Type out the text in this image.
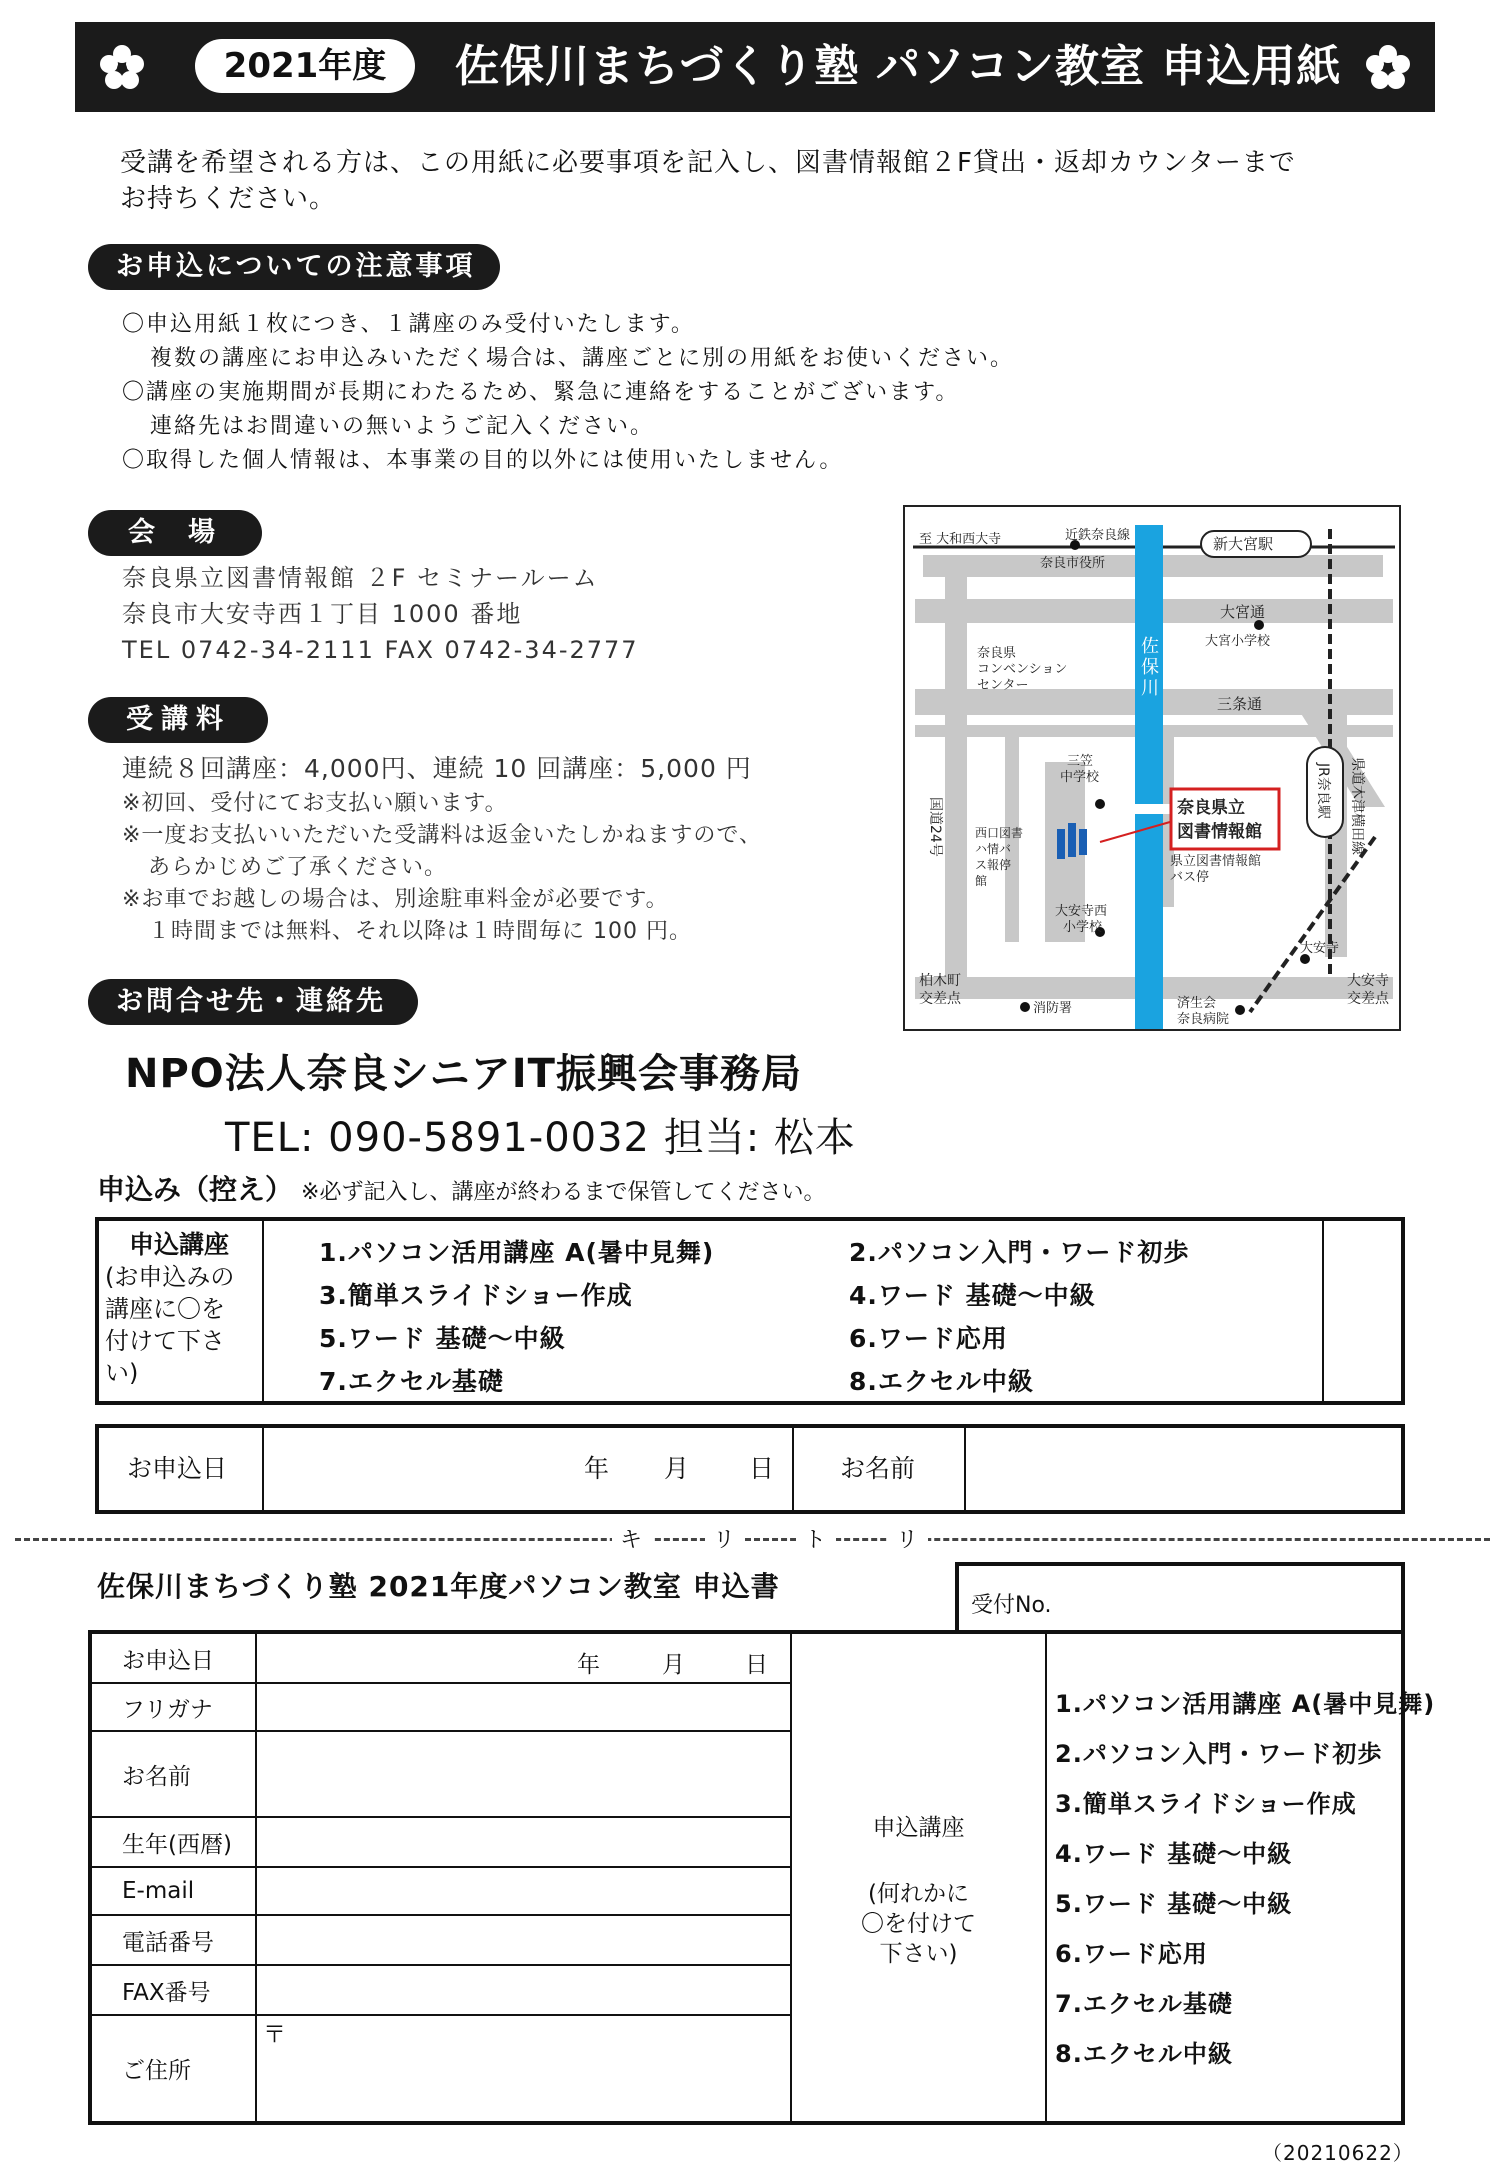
2021年度	佐保川まちづくり塾 パソコン教室 申込用紙
受講を希望される方は、この用紙に必要事項を記入し、図書情報館２F貸出・返却カウンターまで
お持ちください。
お申込についての注意事項
〇申込用紙１枚につき、１講座のみ受付いたします。
複数の講座にお申込みいただく場合は、講座ごとに別の用紙をお使いください。
〇講座の実施期間が長期にわたるため、緊急に連絡をすることがございます。
連絡先はお間違いの無いようご記入ください。
〇取得した個人情報は、本事業の目的以外には使用いたしません。
会　場
奈良県立図書情報館 ２F セミナールーム
奈良市大安寺西１丁目 1000 番地
TEL 0742-34-2111 FAX 0742-34-2777
受講料
連続８回講座：4,000円、連続 10 回講座：5,000 円
※初回、受付にてお支払い願います。
※一度お支払いいただいた受講料は返金いたしかねますので、
あらかじめご了承ください。
※お車でお越しの場合は、別途駐車料金が必要です。
１時間までは無料、それ以降は１時間毎に 100 円。
お問合せ先・連絡先
NPO法人奈良シニアIT振興会事務局
TEL: 090-5891-0032 担当: 松本
至 大和西大寺	近鉄奈良線
奈良市役所
新大宮駅
奈良県
コンベンション
センター
佐
保
川
大宮通
大宮小学校
三条通
JR奈良駅 県道木津横田線
国道24号
三笠
中学校
奈良県立
図書情報館
西口図書
ハ情バ
ス報停
館
県立図書情報館
バス停
大安寺西
小学校
大安寺
柏木町
交差点
消防署
大安寺
交差点
済生会
奈良病院
申込み（控え） ※必ず記入し、講座が終わるまで保管してください。
申込講座
(お申込みの
講座に〇を
付けて下さ
い)
1.パソコン活用講座 A(暑中見舞)	2.パソコン入門・ワード初歩
3.簡単スライドショー作成	4.ワード 基礎～中級
5.ワード 基礎～中級	6.ワード応用
7.エクセル基礎	8.エクセル中級
お申込日	年 月 日	お名前
キ	リ	ト	リ
佐保川まちづくり塾 2021年度パソコン教室 申込書
受付No.
お申込日	年	月	日
フリガナ
お名前
生年(西暦)
E-mail
電話番号
FAX番号
ご住所
〒
申込講座
(何れかに
〇を付けて
下さい)
1.パソコン活用講座 A(暑中見舞)
2.パソコン入門・ワード初歩
3.簡単スライドショー作成
4.ワード 基礎～中級
5.ワード 基礎～中級
6.ワード応用
7.エクセル基礎
8.エクセル中級
（20210622）
